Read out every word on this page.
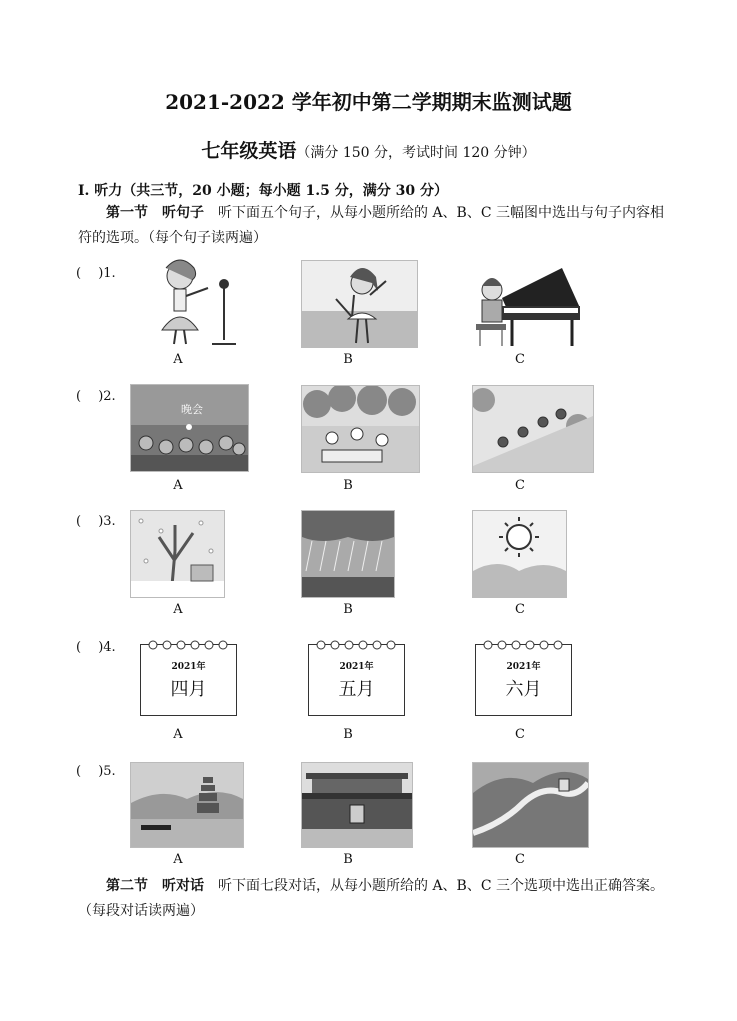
2021-2022 学年初中第二学期期末监测试题
七年级英语（满分 150 分，考试时间 120 分钟）
Ⅰ. 听力（共三节，20 小题；每小题 1.5 分，满分 30 分）
第一节　听句子　听下面五个句子，从每小题所给的 A、B、C 三幅图中选出与句子内容相符的选项。（每个句子读两遍）
(　 )1.
A	B	C
(　 )2.
晚会
A	B	C
(　 )3.
A	B	C
(　 )4.
2021年
四月
2021年
五月
2021年
六月
A	B	C
(　 )5.
A	B	C
第二节　听对话　听下面七段对话，从每小题所给的 A、B、C 三个选项中选出正确答案。（每段对话读两遍）
